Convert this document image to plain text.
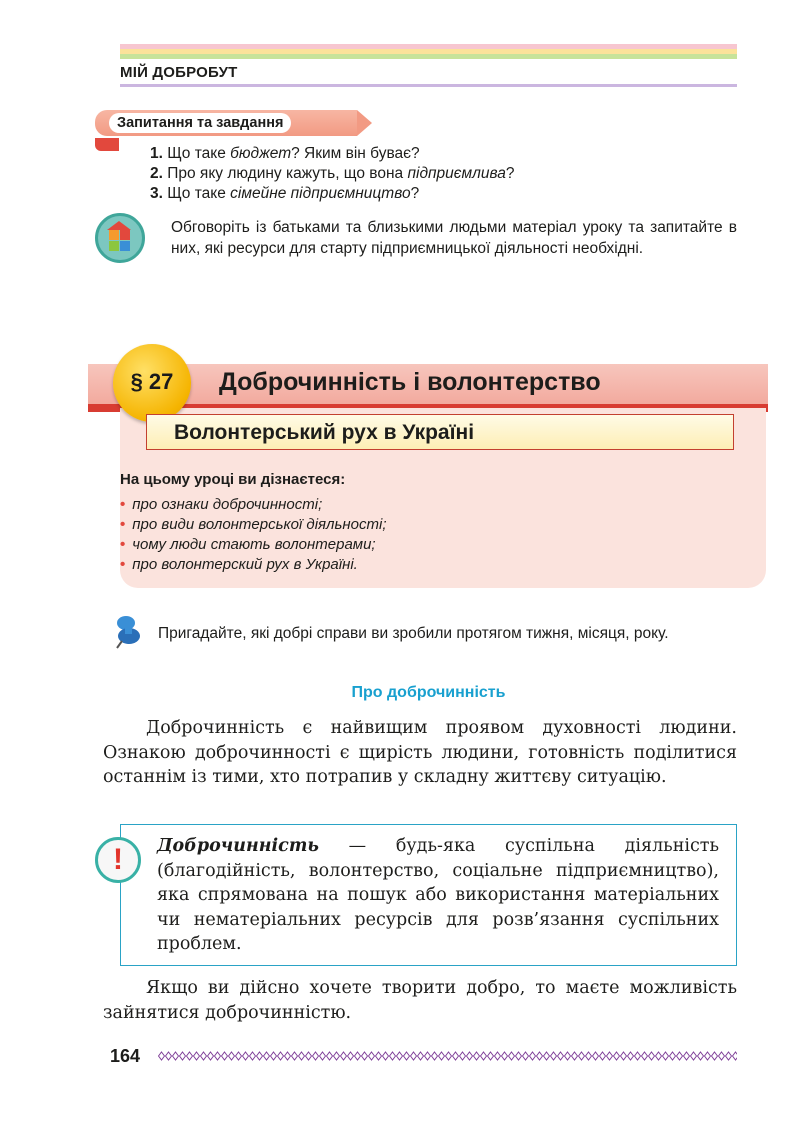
МІЙ ДОБРОБУТ
Запитання та завдання
1. Що таке бюджет? Яким він буває?
2. Про яку людину кажуть, що вона підприємлива?
3. Що таке сімейне підприємництво?
Обговоріть із батьками та близькими людьми матеріал уроку та запитайте в них, які ресурси для старту підприємницької діяльності необхідні.
§ 27	Доброчинність і волонтерство
Волонтерський рух в Україні
На цьому уроці ви дізнаєтеся:
• про ознаки доброчинності;
• про види волонтерської діяльності;
• чому люди стають волонтерами;
• про волонтерский рух в Україні.
Пригадайте, які добрі справи ви зробили протягом тижня, місяця, року.
Про доброчинність
Доброчинність є найвищим проявом духовності людини. Ознакою доброчинності є щирість людини, готовність поділитися останнім із тими, хто потрапив у складну життєву ситуацію.
!	Доброчинність — будь-яка суспільна діяльність (благодійність, волонтерство, соціальне підприємництво), яка спрямована на пошук або використання матеріальних чи нематеріальних ресурсів для розв’язання суспільних проблем.
Якщо ви дійсно хочете творити добро, то маєте можливість зайнятися доброчинністю.
164
